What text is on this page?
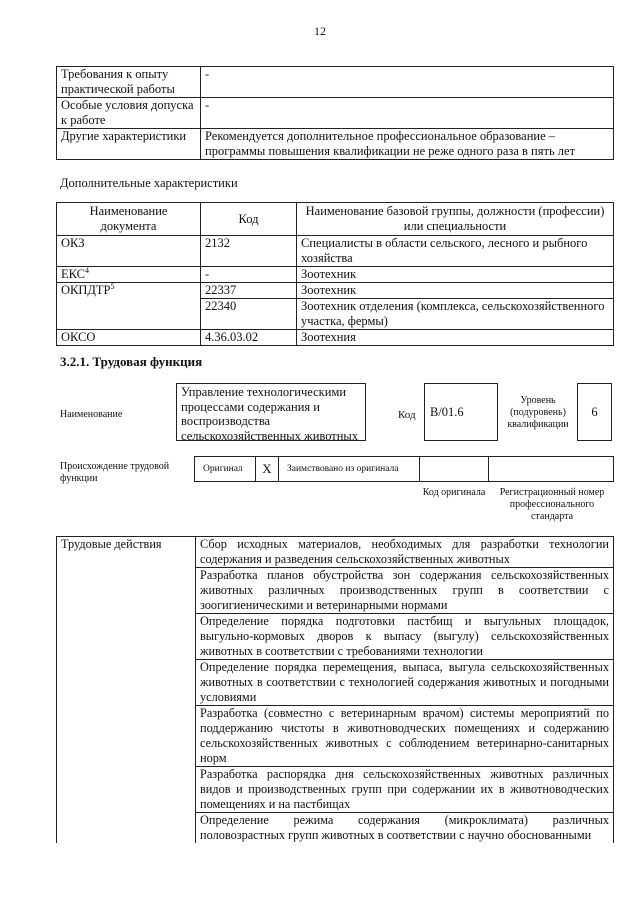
12
Требования к опыту практической работы	-
Особые условия допуска к работе	-
Другие характеристики	Рекомендуется дополнительное профессиональное образование – программы повышения квалификации не реже одного раза в пять лет
Дополнительные характеристики
Наименование документа	Код	Наименование базовой группы, должности (профессии) или специальности
ОКЗ	2132	Специалисты в области сельского, лесного и рыбного хозяйства
ЕКС$^4$	-	Зоотехник
ОКПДТР$^5$	22337	Зоотехник
	22340	Зоотехник отделения (комплекса, сельскохозяйственного участка, фермы)
ОКСО	4.36.03.02	Зоотехния
3.2.1. Трудовая функция
Наименование
Управление технологическими процессами содержания и воспроизводства сельскохозяйственных животных
Код	B/01.6
Уровень (подуровень) квалификации
6
Происхождение трудовой функции
Оригинал	X	Заимствовано из оригинала
Код оригинала	Регистрационный номер профессионального стандарта
Трудовые действия	Сбор исходных материалов, необходимых для разработки технологии содержания и разведения сельскохозяйственных животных
Разработка планов обустройства зон содержания сельскохозяйственных животных различных производственных групп в соответствии с зоогигиеническими и ветеринарными нормами
Определение порядка подготовки пастбищ и выгульных площадок, выгульно-кормовых дворов к выпасу (выгулу) сельскохозяйственных животных в соответствии с требованиями технологии
Определение порядка перемещения, выпаса, выгула сельскохозяйственных животных в соответствии с технологией содержания животных и погодными условиями
Разработка (совместно с ветеринарным врачом) системы мероприятий по поддержанию чистоты в животноводческих помещениях и содержанию сельскохозяйственных животных с соблюдением ветеринарно-санитарных норм
Разработка распорядка дня сельскохозяйственных животных различных видов и производственных групп при содержании их в животноводческих помещениях и на пастбищах
Определение режима содержания (микроклимата) различных половозрастных групп животных в соответствии с научно обоснованными
